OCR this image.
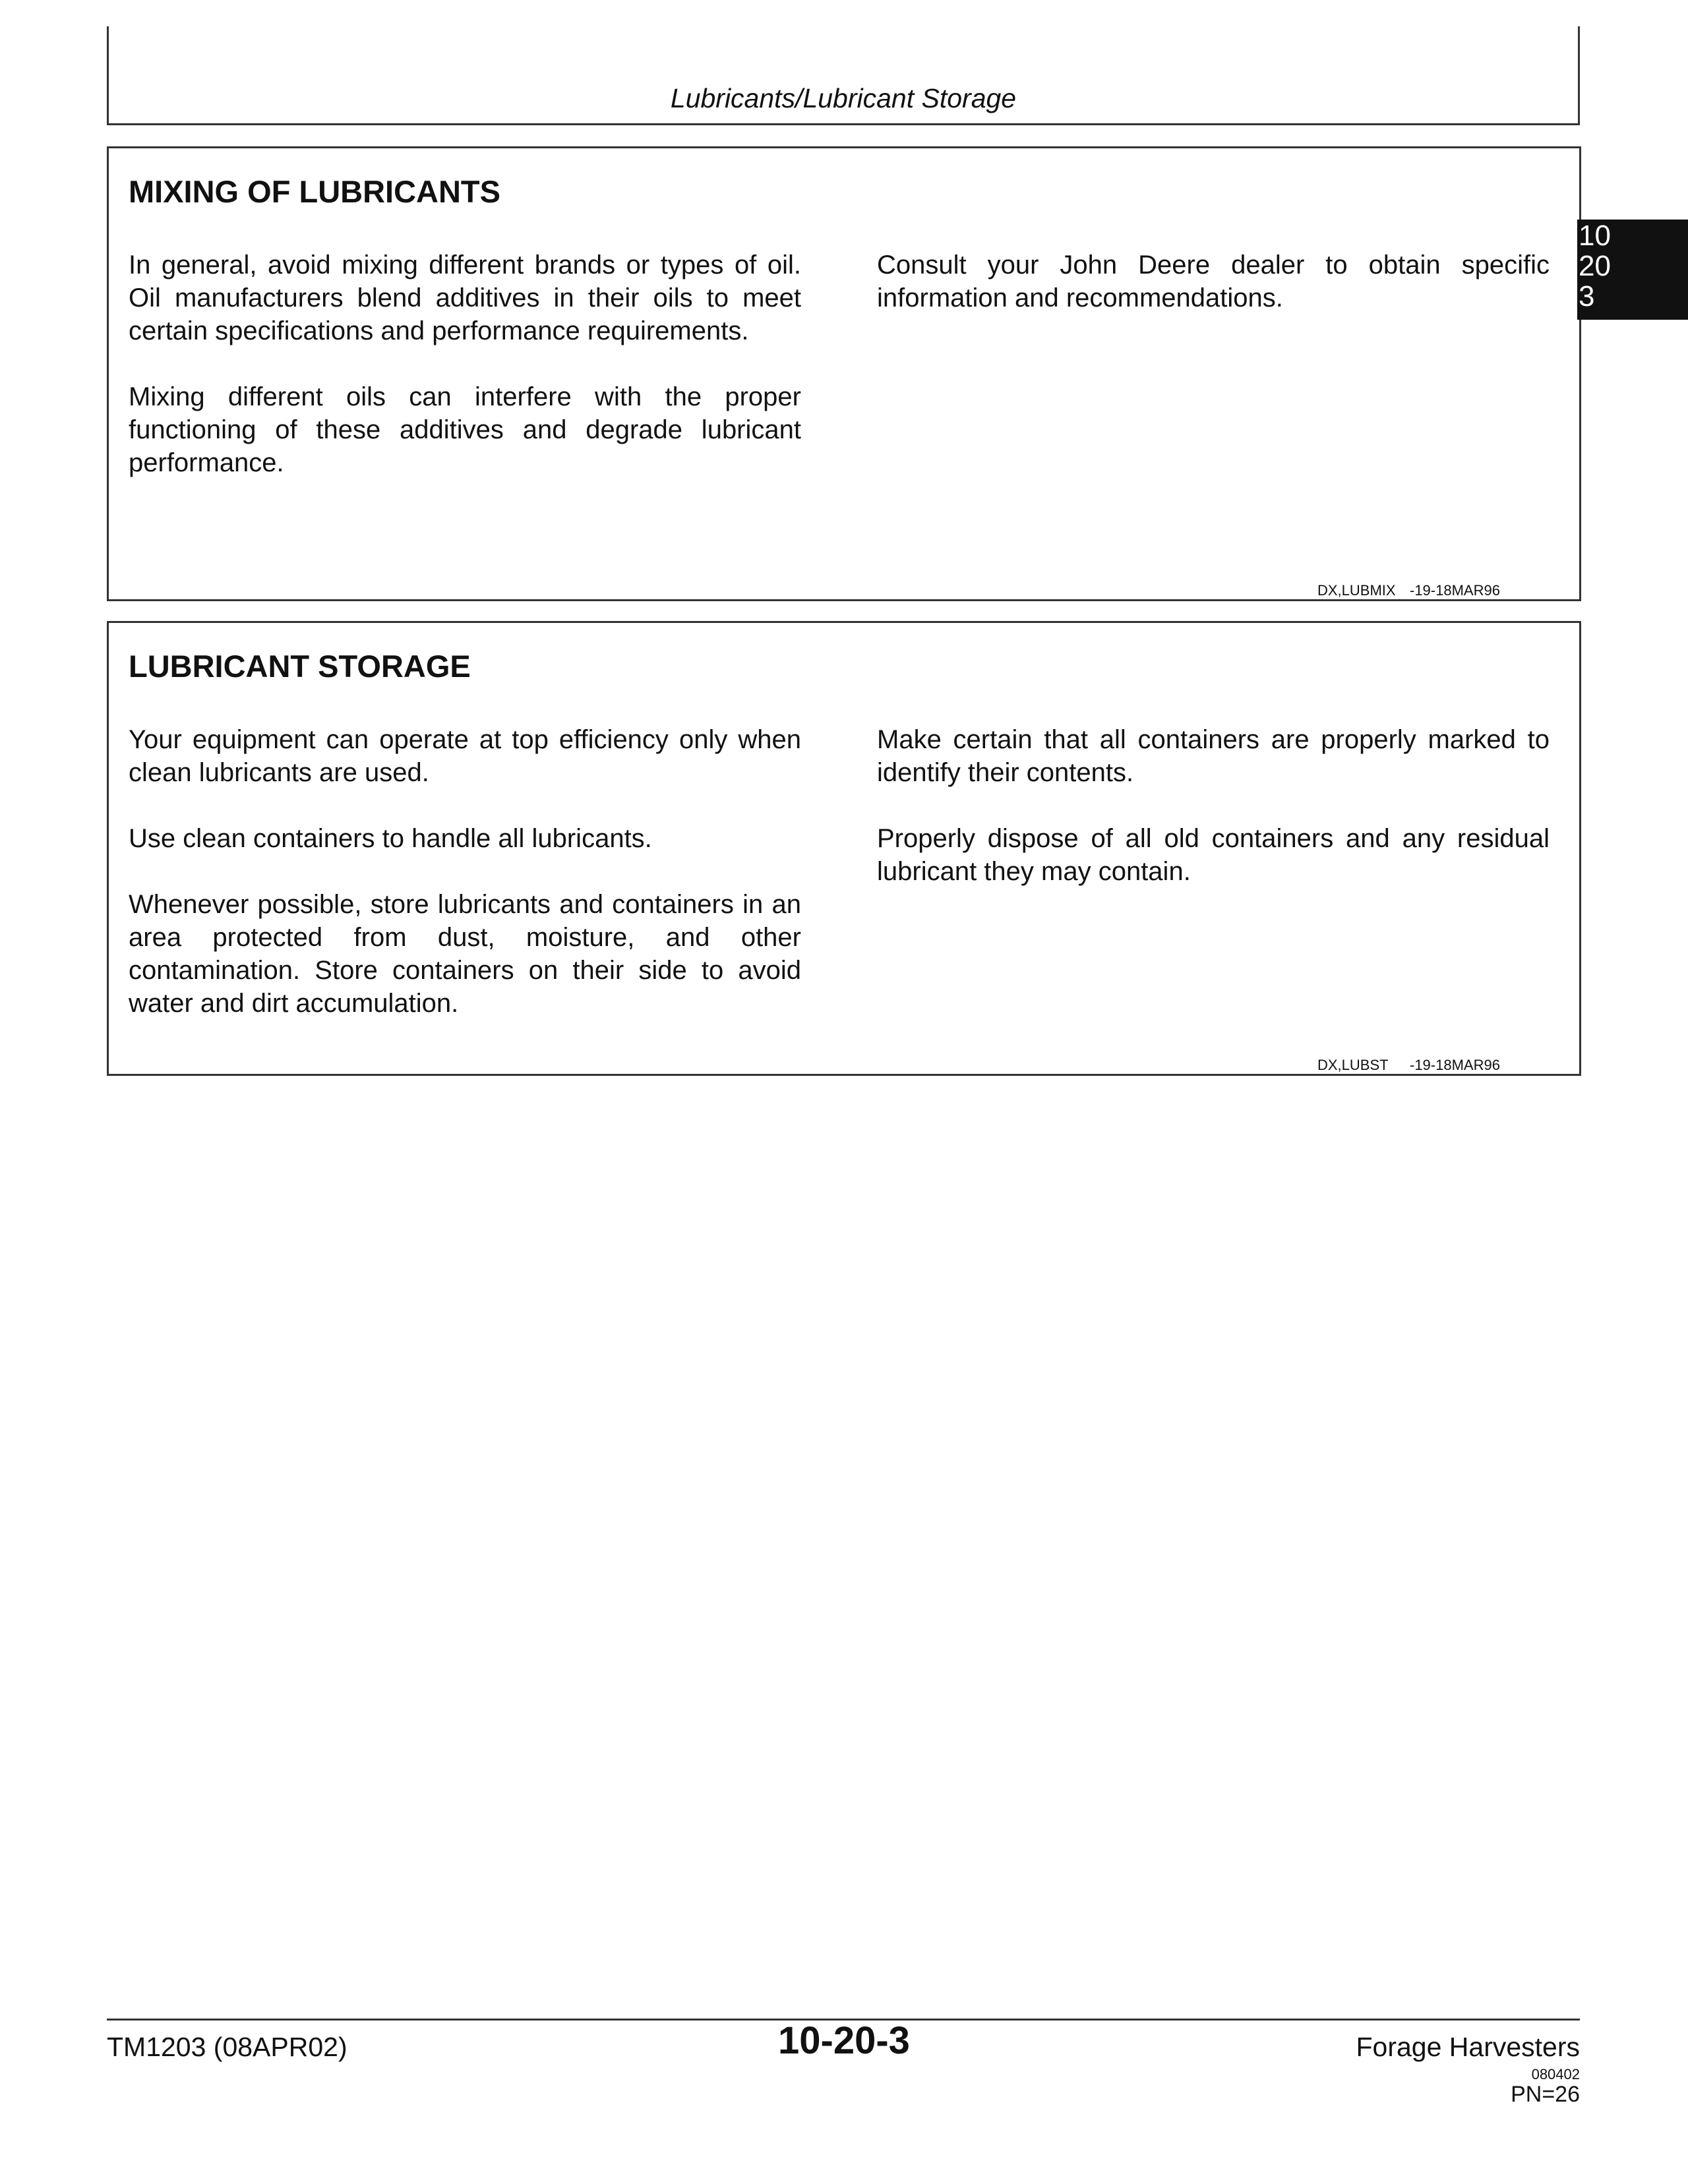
Lubricants/Lubricant Storage
MIXING OF LUBRICANTS

In general, avoid mixing different brands or types of oil. Oil manufacturers blend additives in their oils to meet certain specifications and performance requirements.

Mixing different oils can interfere with the proper functioning of these additives and degrade lubricant performance.

Consult your John Deere dealer to obtain specific information and recommendations.

DX,LUBMIX -19-18MAR96
LUBRICANT STORAGE

Your equipment can operate at top efficiency only when clean lubricants are used.

Use clean containers to handle all lubricants.

Whenever possible, store lubricants and containers in an area protected from dust, moisture, and other contamination. Store containers on their side to avoid water and dirt accumulation.

Make certain that all containers are properly marked to identify their contents.

Properly dispose of all old containers and any residual lubricant they may contain.

DX,LUBST -19-18MAR96
10
20
3
TM1203 (08APR02)	10-20-3	Forage Harvesters
080402
PN=26
